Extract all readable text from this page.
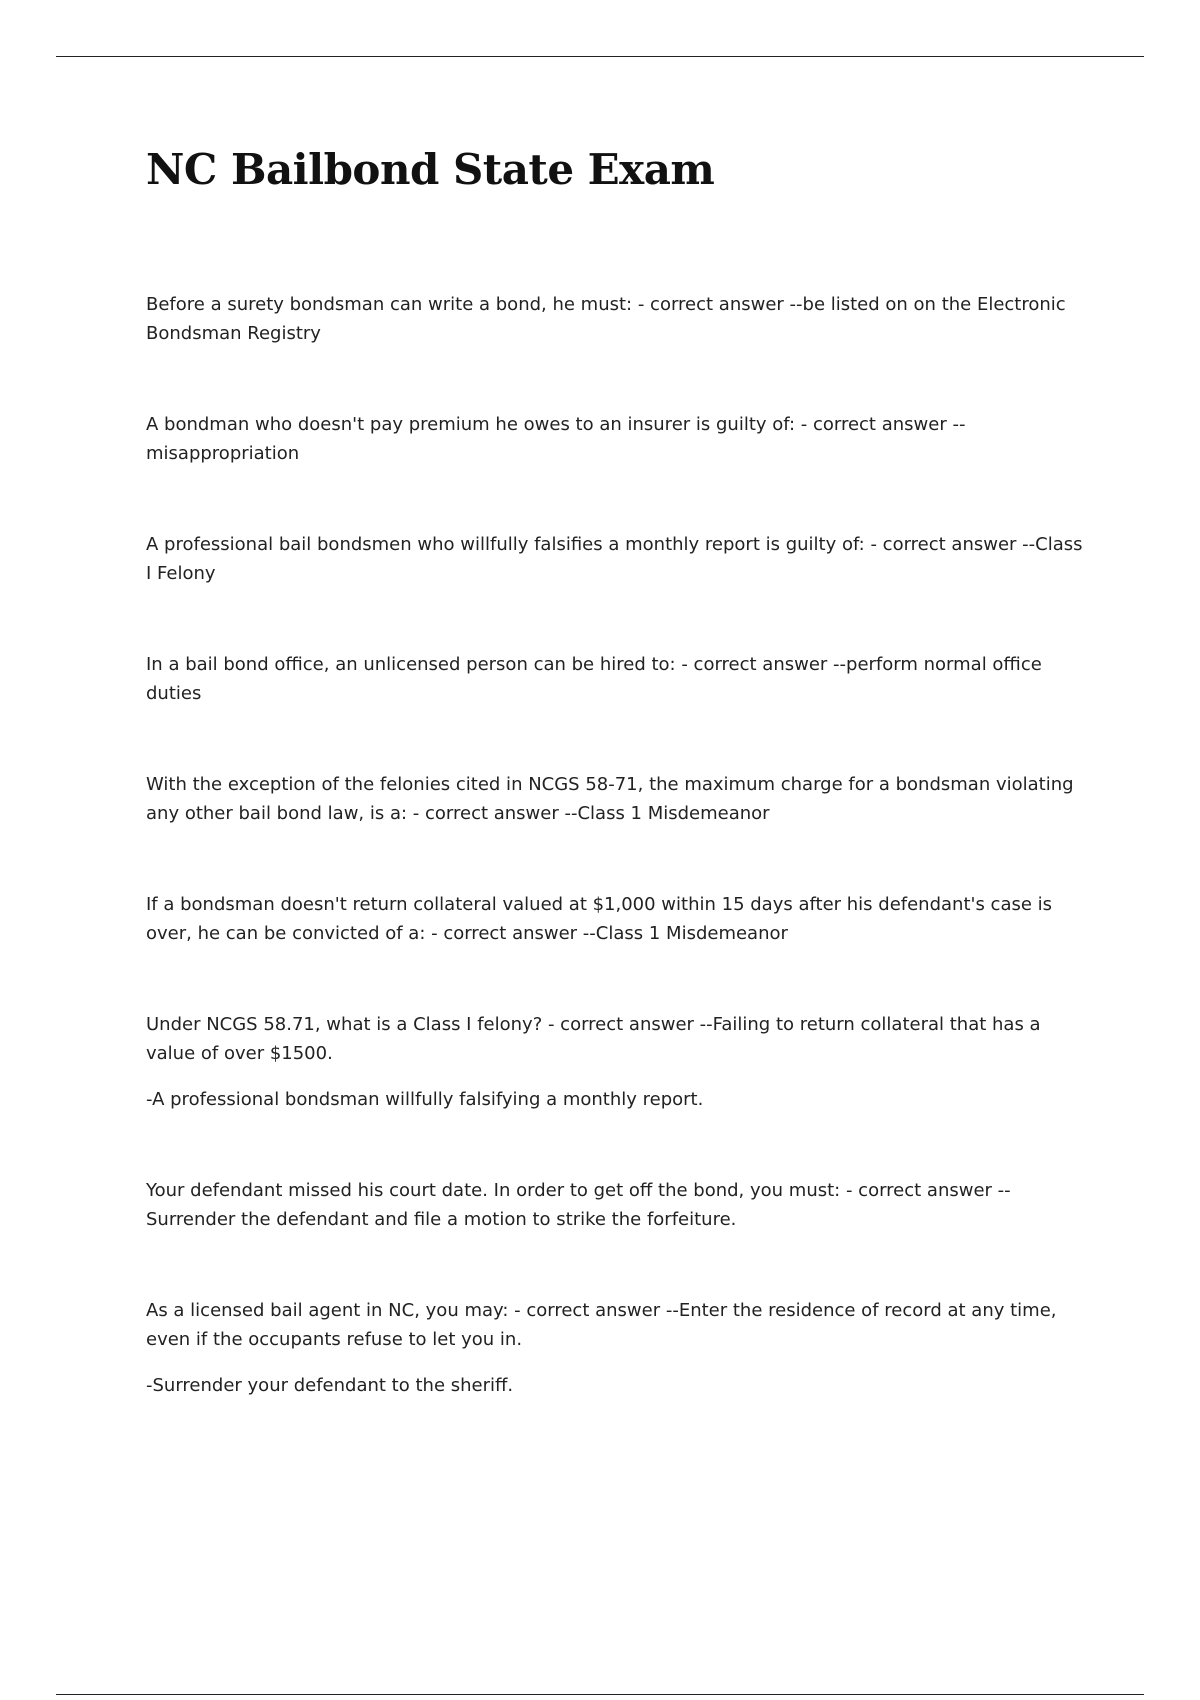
NC Bailbond State Exam

Before a surety bondsman can write a bond, he must: - correct answer --be listed on on the Electronic Bondsman Registry

A bondman who doesn't pay premium he owes to an insurer is guilty of: - correct answer --misappropriation

A professional bail bondsmen who willfully falsifies a monthly report is guilty of: - correct answer --Class I Felony

In a bail bond office, an unlicensed person can be hired to: - correct answer --perform normal office duties

With the exception of the felonies cited in NCGS 58-71, the maximum charge for a bondsman violating any other bail bond law, is a: - correct answer --Class 1 Misdemeanor

If a bondsman doesn't return collateral valued at $1,000 within 15 days after his defendant's case is over, he can be convicted of a: - correct answer --Class 1 Misdemeanor

Under NCGS 58.71, what is a Class I felony? - correct answer --Failing to return collateral that has a value of over $1500.

-A professional bondsman willfully falsifying a monthly report.

Your defendant missed his court date. In order to get off the bond, you must: - correct answer --Surrender the defendant and file a motion to strike the forfeiture.

As a licensed bail agent in NC, you may: - correct answer --Enter the residence of record at any time, even if the occupants refuse to let you in.

-Surrender your defendant to the sheriff.
